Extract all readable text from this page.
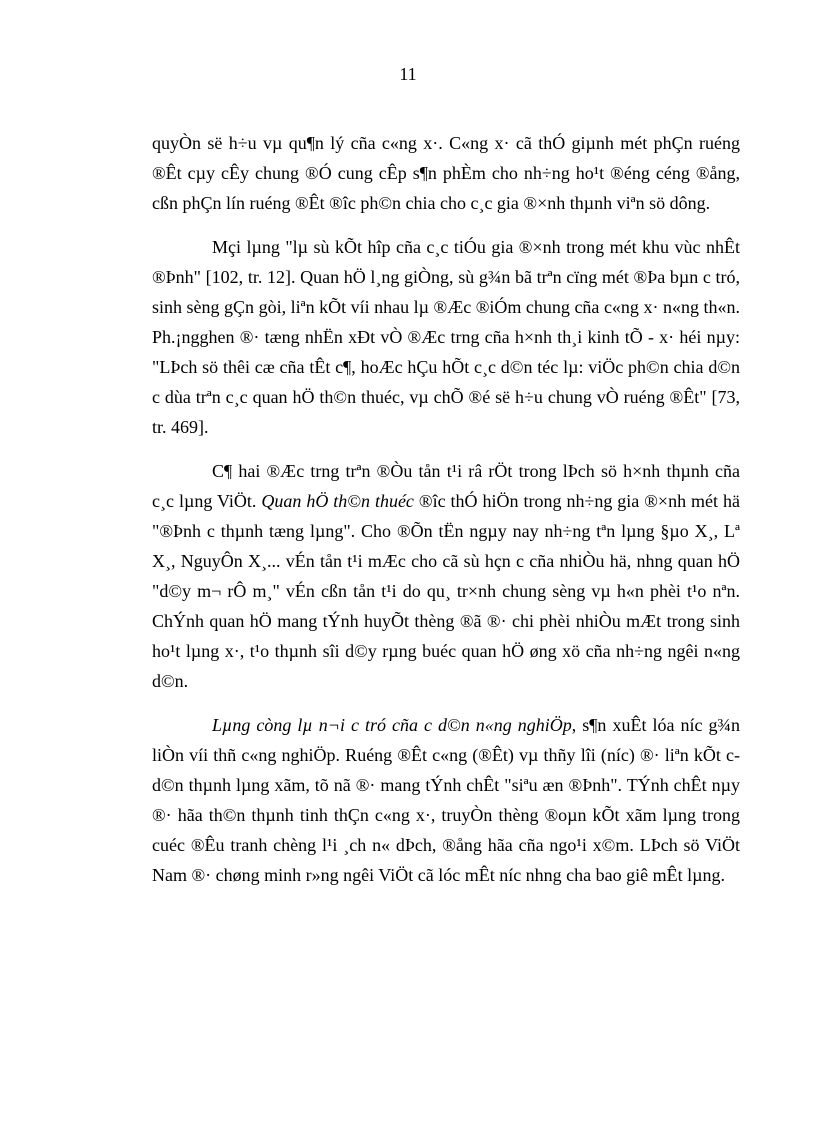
11

quyÒn së h÷u vµ qu¶n lý cña c«ng x·. C«ng x· cã thÓ giµnh mét phÇn ruéng ®Êt cµy cÊy chung ®Ó cung cÊp s¶n phÈm cho nh÷ng ho¹t ®éng céng ®ång, cßn phÇn lín ruéng ®Êt ®îc ph©n chia cho c¸c gia ®×nh thµnh viªn sö dông.

Mçi lµng "lµ sù kÕt hîp cña c¸c tiÓu gia ®×nh trong mét khu vùc nhÊt ®Þnh" [102, tr. 12]. Quan hÖ l¸ng giÒng, sù g¾n bã trªn cïng mét ®Þa bµn c tró, sinh sèng gÇn gòi, liªn kÕt víi nhau lµ ®Æc ®iÓm chung cña c«ng x· n«ng th«n. Ph.¡ngghen ®· tæng nhËn xÐt vÒ ®Æc trng cña h×nh th¸i kinh tÕ - x· héi nµy: "LÞch sö thêi cæ cña tÊt c¶, hoÆc hÇu hÕt c¸c d©n téc lµ: viÖc ph©n chia d©n c dùa trªn c¸c quan hÖ th©n thuéc, vµ chÕ ®é së h÷u chung vÒ ruéng ®Êt" [73, tr. 469].

C¶ hai ®Æc trng trªn ®Òu tån t¹i râ rÖt trong lÞch sö h×nh thµnh cña c¸c lµng ViÖt. Quan hÖ th©n thuéc ®îc thÓ hiÖn trong nh÷ng gia ®×nh mét hä "®Þnh c thµnh tæng lµng". Cho ®Õn tËn ngµy nay nh÷ng tªn lµng §µo X¸, Lª X¸, NguyÔn X¸... vÉn tån t¹i mÆc cho cã sù hçn c cña nhiÒu hä, nhng quan hÖ "d©y m¬ rÔ m¸" vÉn cßn tån t¹i do qu¸ tr×nh chung sèng vµ h«n phèi t¹o nªn. ChÝnh quan hÖ mang tÝnh huyÕt thèng ®ã ®· chi phèi nhiÒu mÆt trong sinh ho¹t lµng x·, t¹o thµnh sîi d©y rµng buéc quan hÖ øng xö cña nh÷ng ngêi n«ng d©n.

Lµng còng lµ n¬i c tró cña c d©n n«ng nghiÖp, s¶n xuÊt lóa níc g¾n liÒn víi thñ c«ng nghiÖp. Ruéng ®Êt c«ng (®Êt) vµ thñy lîi (níc) ®· liªn kÕt c d©n thµnh lµng xãm, tõ nã ®· mang tÝnh chÊt "siªu æn ®Þnh". TÝnh chÊt nµy ®· hãa th©n thµnh tinh thÇn c«ng x·, truyÒn thèng ®oµn kÕt xãm lµng trong cuéc ®Êu tranh chèng l¹i ¸ch n« dÞch, ®ång hãa cña ngo¹i x©m. LÞch sö ViÖt Nam ®· chøng minh r»ng ngêi ViÖt cã lóc mÊt níc nhng cha bao giê mÊt lµng.
